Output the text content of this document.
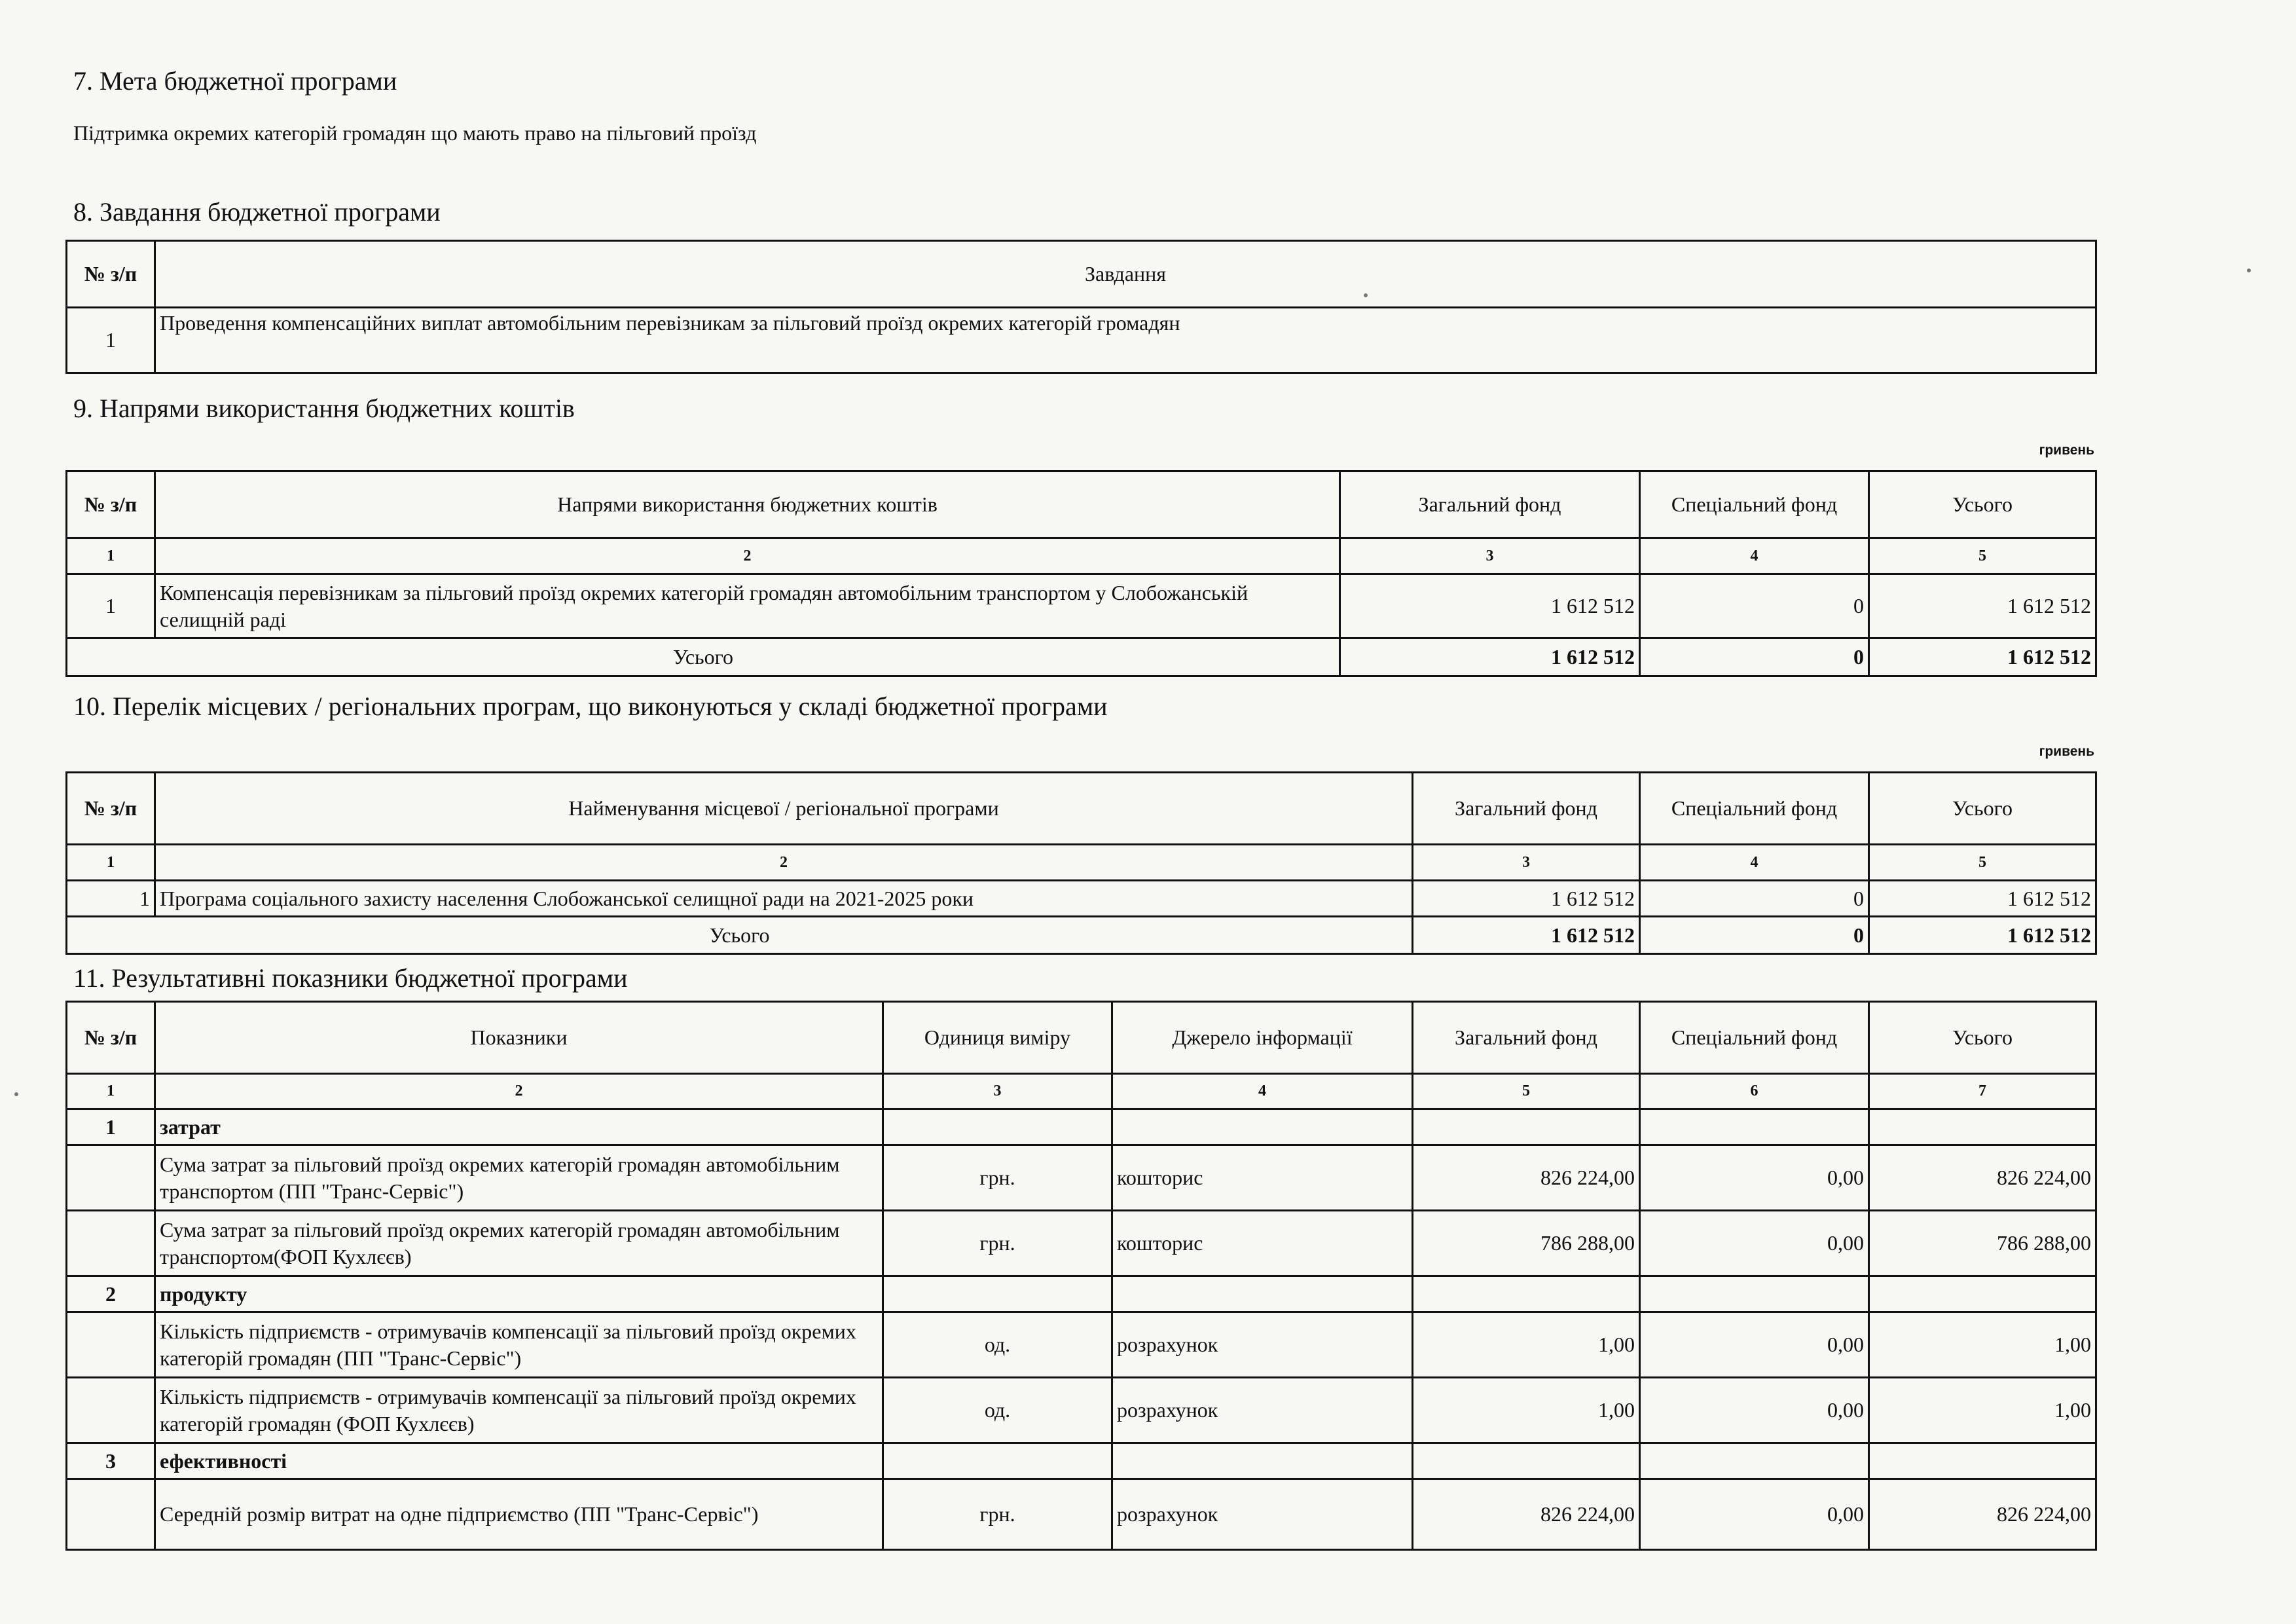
7. Мета бюджетної програми
Підтримка окремих категорій громадян що мають право на пільговий проїзд
8. Завдання бюджетної програми
№ з/п	Завдання
1	Проведення компенсаційних виплат автомобільним перевізникам за пільговий проїзд окремих категорій громадян
9. Напрями використання бюджетних коштів
гривень
№ з/п	Напрями використання бюджетних коштів	Загальний фонд	Спеціальний фонд	Усього
1	2	3	4	5
1	Компенсація перевізникам за пільговий проїзд окремих категорій громадян автомобільним транспортом у Слобожанській селищній раді	1 612 512	0	1 612 512
Усього		1 612 512	0	1 612 512
10. Перелік місцевих / регіональних програм, що виконуються у складі бюджетної програми
гривень
№ з/п	Найменування місцевої / регіональної програми	Загальний фонд	Спеціальний фонд	Усього
1	2	3	4	5
1	Програма соціального захисту населення Слобожанської селищної ради на 2021-2025 роки	1 612 512	0	1 612 512
Усього		1 612 512	0	1 612 512
11. Результативні показники бюджетної програми
№ з/п	Показники	Одиниця виміру	Джерело інформації	Загальний фонд	Спеціальний фонд	Усього
1	2	3	4	5	6	7
1	затрат					
	Сума затрат за пільговий проїзд окремих категорій громадян автомобільним транспортом (ПП "Транс-Сервіс")	грн.	кошторис	826 224,00	0,00	826 224,00
	Сума затрат за пільговий проїзд окремих категорій громадян автомобільним транспортом(ФОП Кухлєєв)	грн.	кошторис	786 288,00	0,00	786 288,00
2	продукту					
	Кількість підприємств - отримувачів компенсації за пільговий проїзд окремих категорій громадян (ПП "Транс-Сервіс")	од.	розрахунок	1,00	0,00	1,00
	Кількість підприємств - отримувачів компенсації за пільговий проїзд окремих категорій громадян (ФОП Кухлєєв)	од.	розрахунок	1,00	0,00	1,00
3	ефективності					
	Середній розмір витрат на одне підприємство (ПП "Транс-Сервіс")	грн.	розрахунок	826 224,00	0,00	826 224,00
